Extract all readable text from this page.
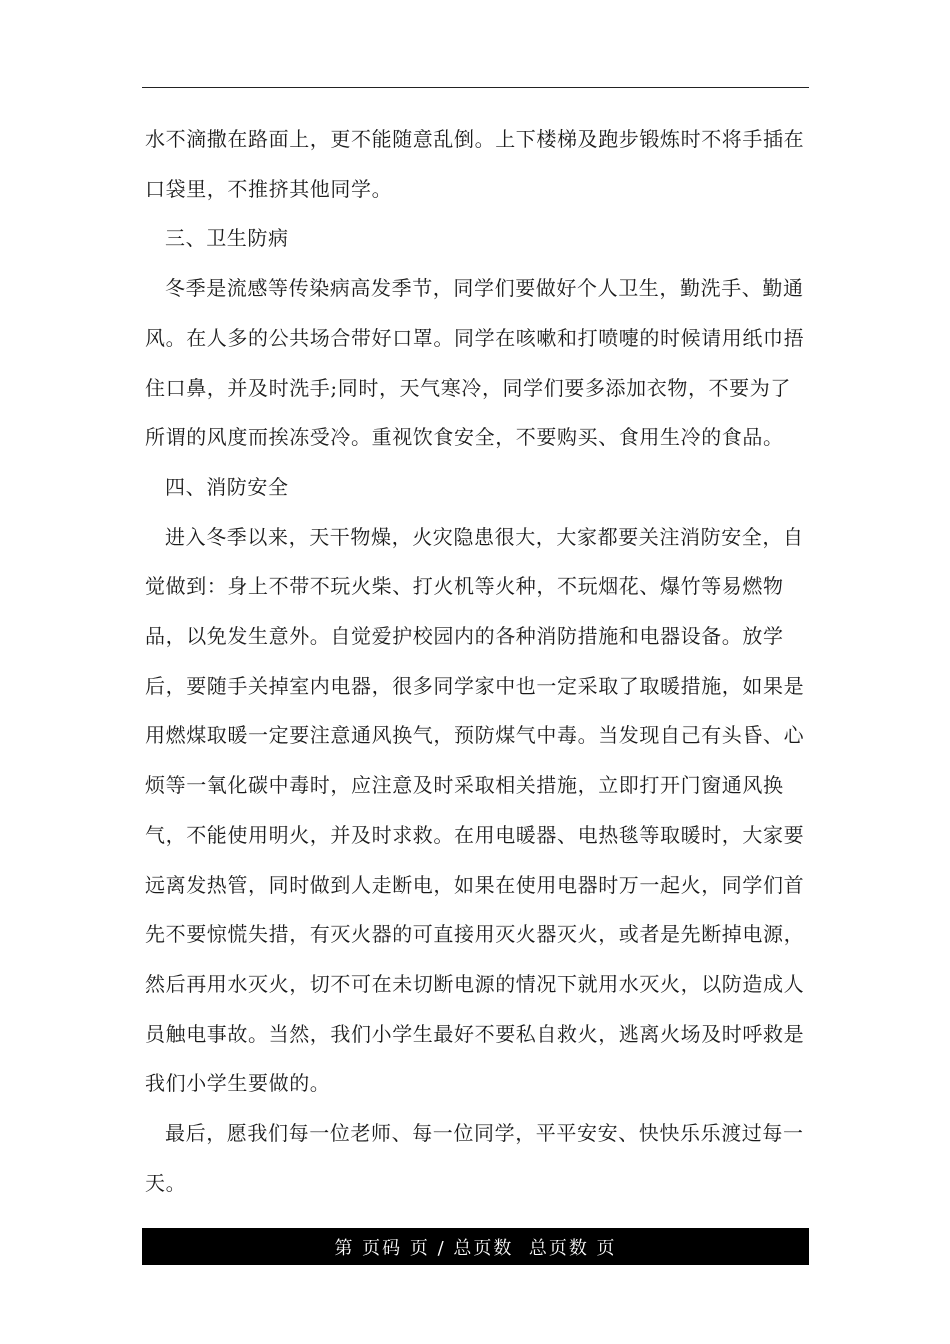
水不滴撒在路面上，更不能随意乱倒。上下楼梯及跑步锻炼时不将手插在口袋里，不推挤其他同学。

三、卫生防病

冬季是流感等传染病高发季节，同学们要做好个人卫生，勤洗手、勤通风。在人多的公共场合带好口罩。同学在咳嗽和打喷嚏的时候请用纸巾捂住口鼻，并及时洗手;同时，天气寒冷，同学们要多添加衣物，不要为了所谓的风度而挨冻受冷。重视饮食安全，不要购买、食用生冷的食品。

四、消防安全

进入冬季以来，天干物燥，火灾隐患很大，大家都要关注消防安全，自觉做到：身上不带不玩火柴、打火机等火种，不玩烟花、爆竹等易燃物品，以免发生意外。自觉爱护校园内的各种消防措施和电器设备。放学后，要随手关掉室内电器，很多同学家中也一定采取了取暖措施，如果是用燃煤取暖一定要注意通风换气，预防煤气中毒。当发现自己有头昏、心烦等一氧化碳中毒时，应注意及时采取相关措施，立即打开门窗通风换气，不能使用明火，并及时求救。在用电暖器、电热毯等取暖时，大家要远离发热管，同时做到人走断电，如果在使用电器时万一起火，同学们首先不要惊慌失措，有灭火器的可直接用灭火器灭火，或者是先断掉电源，然后再用水灭火，切不可在未切断电源的情况下就用水灭火，以防造成人员触电事故。当然，我们小学生最好不要私自救火，逃离火场及时呼救是我们小学生要做的。

最后，愿我们每一位老师、每一位同学，平平安安、快快乐乐渡过每一天。

第 页码 页 / 总页数  总页数 页
